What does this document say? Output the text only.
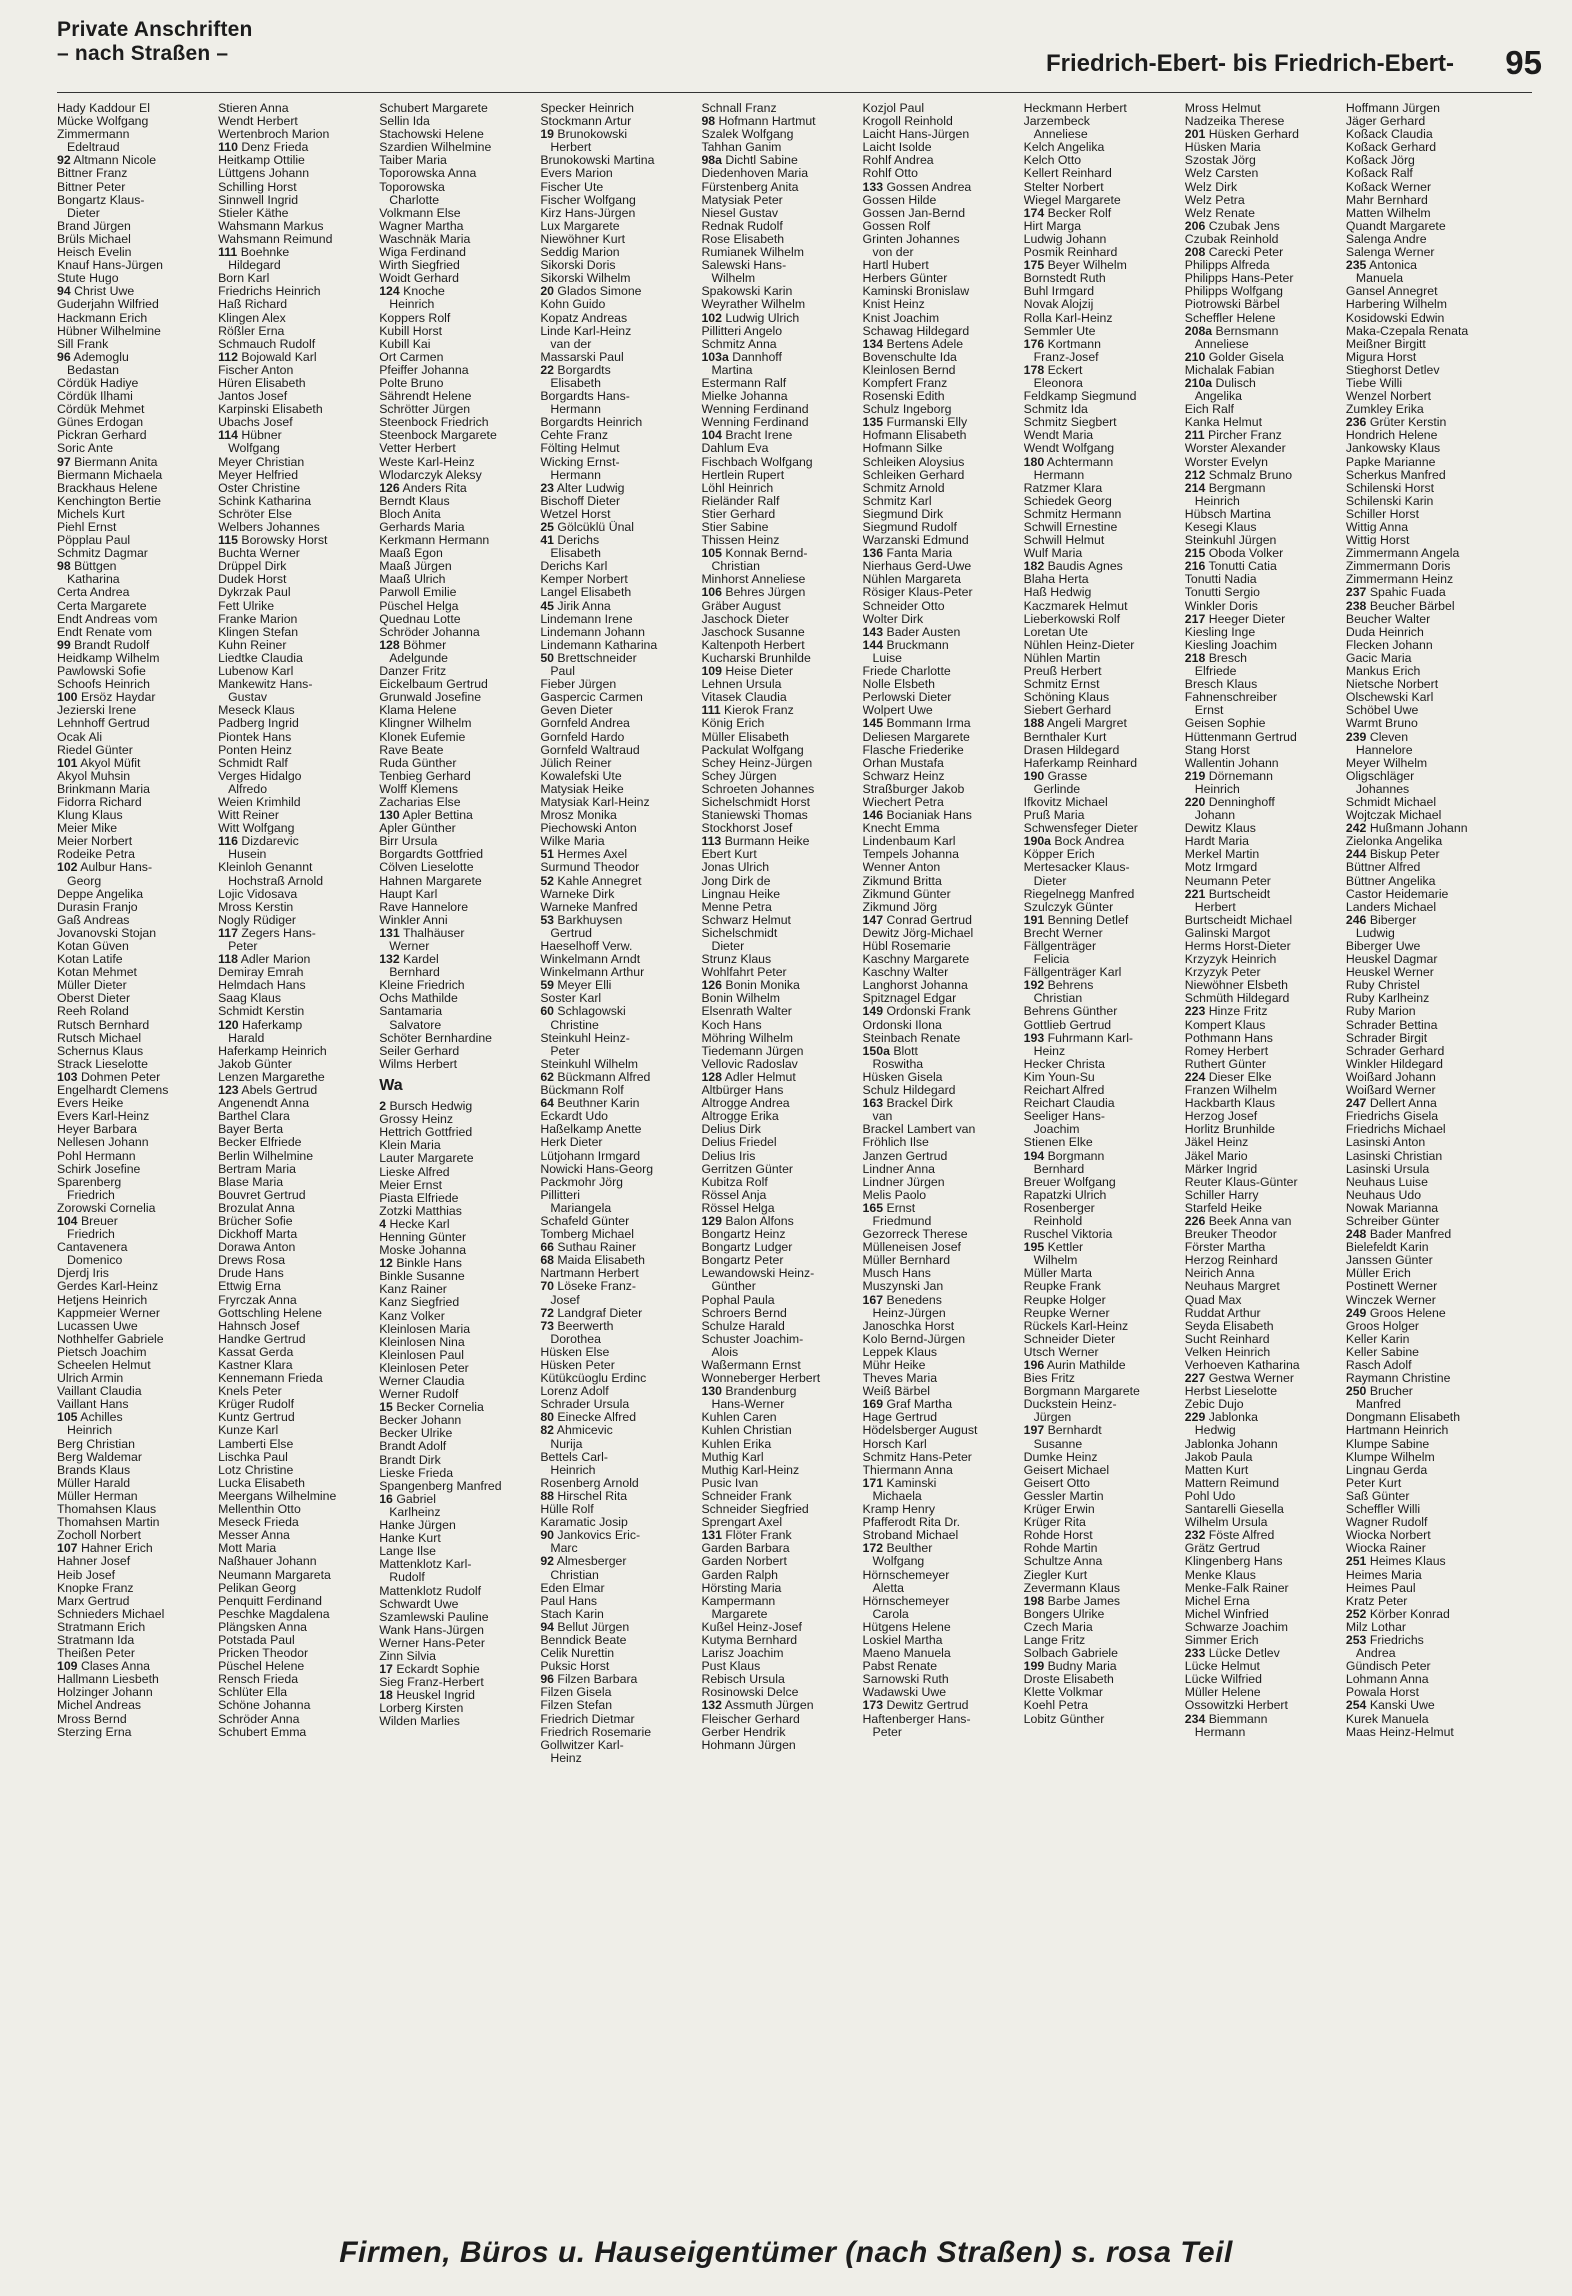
Private Anschriften
– nach Straßen –	Friedrich-Ebert- bis Friedrich-Ebert- 95
Hady Kaddour El
Mücke Wolfgang
Zimmermann
Edeltraud
92 Altmann Nicole
Bittner Franz
Bittner Peter
Bongartz Klaus-
Dieter
Brand Jürgen
Brüls Michael
Heisch Evelin
Knauf Hans-Jürgen
Stute Hugo
94 Christ Uwe
Guderjahn Wilfried
Hackmann Erich
Hübner Wilhelmine
Sill Frank
96 Ademoglu
Bedastan
Cördük Hadiye
Cördük Ilhami
Cördük Mehmet
Günes Erdogan
Pickran Gerhard
Soric Ante
97 Biermann Anita
Biermann Michaela
Brackhaus Helene
Kenchington Bertie
Michels Kurt
Piehl Ernst
Pöpplau Paul
Schmitz Dagmar
98 Büttgen
Katharina
Certa Andrea
Certa Margarete
Endt Andreas vom
Endt Renate vom
99 Brandt Rudolf
Heidkamp Wilhelm
Pawlowski Sofie
Schoofs Heinrich
100 Ersöz Haydar
Jezierski Irene
Lehnhoff Gertrud
Ocak Ali
Riedel Günter
101 Akyol Müfit
Akyol Muhsin
Brinkmann Maria
Fidorra Richard
Klung Klaus
Meier Mike
Meier Norbert
Rodeike Petra
102 Aulbur Hans-
Georg
Deppe Angelika
Durasin Franjo
Gaß Andreas
Jovanovski Stojan
Kotan Güven
Kotan Latife
Kotan Mehmet
Müller Dieter
Oberst Dieter
Reeh Roland
Rutsch Bernhard
Rutsch Michael
Schernus Klaus
Strack Lieselotte
103 Dohmen Peter
Engelhardt Clemens
Evers Heike
Evers Karl-Heinz
Heyer Barbara
Nellesen Johann
Pohl Hermann
Schirk Josefine
Sparenberg
Friedrich
Zorowski Cornelia
104 Breuer
Friedrich
Cantavenera
Domenico
Djerdj Iris
Gerdes Karl-Heinz
Hetjens Heinrich
Kappmeier Werner
Lucassen Uwe
Nothhelfer Gabriele
Pietsch Joachim
Scheelen Helmut
Ulrich Armin
Vaillant Claudia
Vaillant Hans
105 Achilles
Heinrich
Berg Christian
Berg Waldemar
Brands Klaus
Müller Harald
Müller Herman
Thomahsen Klaus
Thomahsen Martin
Zocholl Norbert
107 Hahner Erich
Hahner Josef
Heib Josef
Knopke Franz
Marx Gertrud
Schnieders Michael
Stratmann Erich
Stratmann Ida
Theißen Peter
109 Clases Anna
Hallmann Liesbeth
Holzinger Johann
Michel Andreas
Mross Bernd
Sterzing Erna
Stieren Anna
Wendt Herbert
Wertenbroch Marion
110 Denz Frieda
Heitkamp Ottilie
Lüttgens Johann
Schilling Horst
Sinnwell Ingrid
Stieler Käthe
Wahsmann Markus
Wahsmann Reimund
111 Boehnke
Hildegard
Born Karl
Friedrichs Heinrich
Haß Richard
Klingen Alex
Rößler Erna
Schmauch Rudolf
112 Bojowald Karl
Fischer Anton
Hüren Elisabeth
Jantos Josef
Karpinski Elisabeth
Ubachs Josef
114 Hübner
Wolfgang
Meyer Christian
Meyer Helfried
Oster Christine
Schink Katharina
Schröter Else
Welbers Johannes
115 Borowsky Horst
Buchta Werner
Drüppel Dirk
Dudek Horst
Dykrzak Paul
Fett Ulrike
Franke Marion
Klingen Stefan
Kuhn Reiner
Liedtke Claudia
Lubenow Karl
Mankewitz Hans-
Gustav
Meseck Klaus
Padberg Ingrid
Piontek Hans
Ponten Heinz
Schmidt Ralf
Verges Hidalgo
Alfredo
Weien Krimhild
Witt Reiner
Witt Wolfgang
116 Dizdarevic
Husein
Kleinloh Genannt
Hochstraß Arnold
Lojic Vidosava
Mross Kerstin
Nogly Rüdiger
117 Zegers Hans-
Peter
118 Adler Marion
Demiray Emrah
Helmdach Hans
Saag Klaus
Schmidt Kerstin
120 Haferkamp
Harald
Haferkamp Heinrich
Jakob Günter
Lenzen Margarethe
123 Abels Gertrud
Angenendt Anna
Barthel Clara
Bayer Berta
Becker Elfriede
Berlin Wilhelmine
Bertram Maria
Blase Maria
Bouvret Gertrud
Brozulat Anna
Brücher Sofie
Dickhoff Marta
Dorawa Anton
Drews Rosa
Drude Hans
Ettwig Erna
Fryrczak Anna
Gottschling Helene
Hahnsch Josef
Handke Gertrud
Kassat Gerda
Kastner Klara
Kennemann Frieda
Knels Peter
Krüger Rudolf
Kuntz Gertrud
Kunze Karl
Lamberti Else
Lischka Paul
Lotz Christine
Lucka Elisabeth
Meergans Wilhelmine
Mellenthin Otto
Meseck Frieda
Messer Anna
Mott Maria
Naßhauer Johann
Neumann Margareta
Pelikan Georg
Penquitt Ferdinand
Peschke Magdalena
Plängsken Anna
Potstada Paul
Pricken Theodor
Püschel Helene
Rensch Frieda
Schlüter Ella
Schöne Johanna
Schröder Anna
Schubert Emma
Schubert Margarete
Sellin Ida
Stachowski Helene
Szardien Wilhelmine
Taiber Maria
Toporowska Anna
Toporowska
Charlotte
Volkmann Else
Wagner Martha
Waschnäk Maria
Wiga Ferdinand
Wirth Siegfried
Woidt Gerhard
124 Knoche
Heinrich
Koppers Rolf
Kubill Horst
Kubill Kai
Ort Carmen
Pfeiffer Johanna
Polte Bruno
Sährendt Helene
Schrötter Jürgen
Steenbock Friedrich
Steenbock Margarete
Vetter Herbert
Weste Karl-Heinz
Wlodarczyk Aleksy
126 Anders Rita
Berndt Klaus
Bloch Anita
Gerhards Maria
Kerkmann Hermann
Maaß Egon
Maaß Jürgen
Maaß Ulrich
Parwoll Emilie
Püschel Helga
Quednau Lotte
Schröder Johanna
128 Böhmer
Adelgunde
Danzer Fritz
Eickelbaum Gertrud
Grunwald Josefine
Klama Helene
Klingner Wilhelm
Klonek Eufemie
Rave Beate
Ruda Günther
Tenbieg Gerhard
Wolff Klemens
Zacharias Else
130 Apler Bettina
Apler Günther
Birr Ursula
Borgardts Gottfried
Cölven Lieselotte
Hahnen Margarete
Haupt Karl
Rave Hannelore
Winkler Anni
131 Thalhäuser
Werner
132 Kardel
Bernhard
Kleine Friedrich
Ochs Mathilde
Santamaria
Salvatore
Schöter Bernhardine
Seiler Gerhard
Wilms Herbert
Wa
2 Bursch Hedwig
Grossy Heinz
Hettrich Gottfried
Klein Maria
Lauter Margarete
Lieske Alfred
Meier Ernst
Piasta Elfriede
Zotzki Matthias
4 Hecke Karl
Henning Günter
Moske Johanna
12 Binkle Hans
Binkle Susanne
Kanz Rainer
Kanz Siegfried
Kanz Volker
Kleinlosen Maria
Kleinlosen Nina
Kleinlosen Paul
Kleinlosen Peter
Werner Claudia
Werner Rudolf
15 Becker Cornelia
Becker Johann
Becker Ulrike
Brandt Adolf
Brandt Dirk
Lieske Frieda
Spangenberg Manfred
16 Gabriel
Karlheinz
Hanke Jürgen
Hanke Kurt
Lange Ilse
Mattenklotz Karl-
Rudolf
Mattenklotz Rudolf
Schwardt Uwe
Szamlewski Pauline
Wank Hans-Jürgen
Werner Hans-Peter
Zinn Silvia
17 Eckardt Sophie
Sieg Franz-Herbert
18 Heuskel Ingrid
Lorberg Kirsten
Wilden Marlies
Specker Heinrich
Stockmann Artur
19 Brunokowski
Herbert
Brunokowski Martina
Evers Marion
Fischer Ute
Fischer Wolfgang
Kirz Hans-Jürgen
Lux Margarete
Niewöhner Kurt
Seddig Marion
Sikorski Doris
Sikorski Wilhelm
20 Glados Simone
Kohn Guido
Kopatz Andreas
Linde Karl-Heinz
van der
Massarski Paul
22 Borgardts
Elisabeth
Borgardts Hans-
Hermann
Borgardts Heinrich
Cehte Franz
Fölting Helmut
Wicking Ernst-
Hermann
23 Alter Ludwig
Bischoff Dieter
Wetzel Horst
25 Gölcüklü Ünal
41 Derichs
Elisabeth
Derichs Karl
Kemper Norbert
Langel Elisabeth
45 Jirik Anna
Lindemann Irene
Lindemann Johann
Lindemann Katharina
50 Brettschneider
Paul
Fieber Jürgen
Gaspercic Carmen
Geven Dieter
Gornfeld Andrea
Gornfeld Hardo
Gornfeld Waltraud
Jülich Reiner
Kowalefski Ute
Matysiak Heike
Matysiak Karl-Heinz
Mrosz Monika
Piechowski Anton
Wilke Maria
51 Hermes Axel
Surmund Theodor
52 Kahle Annegret
Warneke Dirk
Warneke Manfred
53 Barkhuysen
Gertrud
Haeselhoff Verw.
Winkelmann Arndt
Winkelmann Arthur
59 Meyer Elli
Soster Karl
60 Schlagowski
Christine
Steinkuhl Heinz-
Peter
Steinkuhl Wilhelm
62 Bückmann Alfred
Bückmann Rolf
64 Beuthner Karin
Eckardt Udo
Haßelkamp Anette
Herk Dieter
Lütjohann Irmgard
Nowicki Hans-Georg
Packmohr Jörg
Pillitteri
Mariangela
Schafeld Günter
Tomberg Michael
66 Suthau Rainer
68 Maida Elisabeth
Nartmann Herbert
70 Löseke Franz-
Josef
72 Landgraf Dieter
73 Beerwerth
Dorothea
Hüsken Else
Hüsken Peter
Kütükcüoglu Erdinc
Lorenz Adolf
Schrader Ursula
80 Einecke Alfred
82 Ahmicevic
Nurija
Bettels Carl-
Heinrich
Rosenberg Arnold
88 Hirschel Rita
Hülle Rolf
Karamatic Josip
90 Jankovics Eric-
Marc
92 Almesberger
Christian
Eden Elmar
Paul Hans
Stach Karin
94 Bellut Jürgen
Benndick Beate
Celik Nurettin
Puksic Horst
96 Filzen Barbara
Filzen Gisela
Filzen Stefan
Friedrich Dietmar
Friedrich Rosemarie
Gollwitzer Karl-
Heinz
Schnall Franz
98 Hofmann Hartmut
Szalek Wolfgang
Tahhan Ganim
98a Dichtl Sabine
Diedenhoven Maria
Fürstenberg Anita
Matysiak Peter
Niesel Gustav
Rednak Rudolf
Rose Elisabeth
Rumianek Wilhelm
Salewski Hans-
Wilhelm
Spakowski Karin
Weyrather Wilhelm
102 Ludwig Ulrich
Pillitteri Angelo
Schmitz Anna
103a Dannhoff
Martina
Estermann Ralf
Mielke Johanna
Wenning Ferdinand
Wenning Ferdinand
104 Bracht Irene
Dahlum Eva
Fischbach Wolfgang
Hertlein Rupert
Löhl Heinrich
Rieländer Ralf
Stier Gerhard
Stier Sabine
Thissen Heinz
105 Konnak Bernd-
Christian
Minhorst Anneliese
106 Behres Jürgen
Gräber August
Jaschock Dieter
Jaschock Susanne
Kaltenpoth Herbert
Kucharski Brunhilde
109 Heise Dieter
Lehnen Ursula
Vitasek Claudia
111 Kierok Franz
König Erich
Müller Elisabeth
Packulat Wolfgang
Schey Heinz-Jürgen
Schey Jürgen
Schroeten Johannes
Sichelschmidt Horst
Staniewski Thomas
Stockhorst Josef
113 Burmann Heike
Ebert Kurt
Jonas Ulrich
Jong Dirk de
Lingnau Heike
Menne Petra
Schwarz Helmut
Sichelschmidt
Dieter
Strunz Klaus
Wohlfahrt Peter
126 Bonin Monika
Bonin Wilhelm
Elsenrath Walter
Koch Hans
Möhring Wilhelm
Tiedemann Jürgen
Vellovic Radoslav
128 Adler Helmut
Altbürger Hans
Altrogge Andrea
Altrogge Erika
Delius Dirk
Delius Friedel
Delius Iris
Gerritzen Günter
Kubitza Rolf
Rössel Anja
Rössel Helga
129 Balon Alfons
Bongartz Heinz
Bongartz Ludger
Bongartz Peter
Lewandowski Heinz-
Günther
Pophal Paula
Schroers Bernd
Schulze Harald
Schuster Joachim-
Alois
Waßermann Ernst
Wonneberger Herbert
130 Brandenburg
Hans-Werner
Kuhlen Caren
Kuhlen Christian
Kuhlen Erika
Muthig Karl
Muthig Karl-Heinz
Pusic Ivan
Schneider Frank
Schneider Siegfried
Sprengart Axel
131 Flöter Frank
Garden Barbara
Garden Norbert
Garden Ralph
Hörsting Maria
Kampermann
Margarete
Kußel Heinz-Josef
Kutyma Bernhard
Larisz Joachim
Pust Klaus
Rebisch Ursula
Rosinowski Delce
132 Assmuth Jürgen
Fleischer Gerhard
Gerber Hendrik
Hohmann Jürgen
Kozjol Paul
Krogoll Reinhold
Laicht Hans-Jürgen
Laicht Isolde
Rohlf Andrea
Rohlf Otto
133 Gossen Andrea
Gossen Hilde
Gossen Jan-Bernd
Gossen Rolf
Grinten Johannes
von der
Hartl Hubert
Herbers Günter
Kaminski Bronislaw
Knist Heinz
Knist Joachim
Schawag Hildegard
134 Bertens Adele
Bovenschulte Ida
Kleinlosen Bernd
Kompfert Franz
Rosenski Edith
Schulz Ingeborg
135 Furmanski Elly
Hofmann Elisabeth
Hofmann Silke
Schleiken Aloysius
Schleiken Gerhard
Schmitz Arnold
Schmitz Karl
Siegmund Dirk
Siegmund Rudolf
Warzanski Edmund
136 Fanta Maria
Nierhaus Gerd-Uwe
Nühlen Margareta
Rösiger Klaus-Peter
Schneider Otto
Wolter Dirk
143 Bader Austen
144 Bruckmann
Luise
Friede Charlotte
Nolle Elsbeth
Perlowski Dieter
Wolpert Uwe
145 Bommann Irma
Deliesen Margarete
Flasche Friederike
Orhan Mustafa
Schwarz Heinz
Straßburger Jakob
Wiechert Petra
146 Bocianiak Hans
Knecht Emma
Lindenbaum Karl
Tempels Johanna
Wenner Anton
Zikmund Britta
Zikmund Günter
Zikmund Jörg
147 Conrad Gertrud
Dewitz Jörg-Michael
Hübl Rosemarie
Kaschny Margarete
Kaschny Walter
Langhorst Johanna
Spitznagel Edgar
149 Ordonski Frank
Ordonski Ilona
Steinbach Renate
150a Blott
Roswitha
Hüsken Gisela
Schulz Hildegard
163 Brackel Dirk
van
Brackel Lambert van
Fröhlich Ilse
Janzen Gertrud
Lindner Anna
Lindner Jürgen
Melis Paolo
165 Ernst
Friedmund
Gezorreck Therese
Mülleneisen Josef
Müller Bernhard
Musch Hans
Muszynski Jan
167 Benedens
Heinz-Jürgen
Janoschka Horst
Kolo Bernd-Jürgen
Leppek Klaus
Mühr Heike
Theves Maria
Weiß Bärbel
169 Graf Martha
Hage Gertrud
Hödelsberger August
Horsch Karl
Schmitz Hans-Peter
Thiermann Anna
171 Kaminski
Michaela
Kramp Henry
Pfafferodt Rita Dr.
Stroband Michael
172 Beulther
Wolfgang
Hörnschemeyer
Aletta
Hörnschemeyer
Carola
Hütgens Helene
Loskiel Martha
Maeno Manuela
Pabst Renate
Sarnowski Ruth
Wadawski Uwe
173 Dewitz Gertrud
Haftenberger Hans-
Peter
Heckmann Herbert
Jarzembeck
Anneliese
Kelch Angelika
Kelch Otto
Kellert Reinhard
Stelter Norbert
Wiegel Margarete
174 Becker Rolf
Hirt Marga
Ludwig Johann
Posmik Reinhard
175 Beyer Wilhelm
Bornstedt Ruth
Buhl Irmgard
Novak Alojzij
Rolla Karl-Heinz
Semmler Ute
176 Kortmann
Franz-Josef
178 Eckert
Eleonora
Feldkamp Siegmund
Schmitz Ida
Schmitz Siegbert
Wendt Maria
Wendt Wolfgang
180 Achtermann
Hermann
Ratzmer Klara
Schiedek Georg
Schmitz Hermann
Schwill Ernestine
Schwill Helmut
Wulf Maria
182 Baudis Agnes
Blaha Herta
Haß Hedwig
Kaczmarek Helmut
Lieberkowski Rolf
Loretan Ute
Nühlen Heinz-Dieter
Nühlen Martin
Preuß Herbert
Schmitz Ernst
Schöning Klaus
Siebert Gerhard
188 Angeli Margret
Bernthaler Kurt
Drasen Hildegard
Haferkamp Reinhard
190 Grasse
Gerlinde
Ifkovitz Michael
Pruß Maria
Schwensfeger Dieter
190a Bock Andrea
Köpper Erich
Mertesacker Klaus-
Dieter
Riegelnegg Manfred
Szulczyk Günter
191 Benning Detlef
Brecht Werner
Fällgenträger
Felicia
Fällgenträger Karl
192 Behrens
Christian
Behrens Günther
Gottlieb Gertrud
193 Fuhrmann Karl-
Heinz
Hecker Christa
Kim Youn-Su
Reichart Alfred
Reichart Claudia
Seeliger Hans-
Joachim
Stienen Elke
194 Borgmann
Bernhard
Breuer Wolfgang
Rapatzki Ulrich
Rosenberger
Reinhold
Ruschel Viktoria
195 Kettler
Wilhelm
Müller Marta
Reupke Frank
Reupke Holger
Reupke Werner
Rückels Karl-Heinz
Schneider Dieter
Utsch Werner
196 Aurin Mathilde
Bies Fritz
Borgmann Margarete
Duckstein Heinz-
Jürgen
197 Bernhardt
Susanne
Dumke Heinz
Geisert Michael
Geisert Otto
Gessler Martin
Krüger Erwin
Krüger Rita
Rohde Horst
Rohde Martin
Schultze Anna
Ziegler Kurt
Zevermann Klaus
198 Barbe James
Bongers Ulrike
Czech Maria
Lange Fritz
Solbach Gabriele
199 Budny Maria
Droste Elisabeth
Klette Volkmar
Koehl Petra
Lobitz Günther
Mross Helmut
Nadzeika Therese
201 Hüsken Gerhard
Hüsken Maria
Szostak Jörg
Welz Carsten
Welz Dirk
Welz Petra
Welz Renate
206 Czubak Jens
Czubak Reinhold
208 Carecki Peter
Philipps Alfreda
Philipps Hans-Peter
Philipps Wolfgang
Piotrowski Bärbel
Scheffler Helene
208a Bernsmann
Anneliese
210 Golder Gisela
Michalak Fabian
210a Dulisch
Angelika
Eich Ralf
Kanka Helmut
211 Pircher Franz
Worster Alexander
Worster Evelyn
212 Schmalz Bruno
214 Bergmann
Heinrich
Hübsch Martina
Kesegi Klaus
Steinkuhl Jürgen
215 Oboda Volker
216 Tonutti Catia
Tonutti Nadia
Tonutti Sergio
Winkler Doris
217 Heeger Dieter
Kiesling Inge
Kiesling Joachim
218 Bresch
Elfriede
Bresch Klaus
Fahnenschreiber
Ernst
Geisen Sophie
Hüttenmann Gertrud
Stang Horst
Wallentin Johann
219 Dörnemann
Heinrich
220 Denninghoff
Johann
Dewitz Klaus
Hardt Maria
Merkel Martin
Motz Irmgard
Neumann Peter
221 Burtscheidt
Herbert
Burtscheidt Michael
Galinski Margot
Herms Horst-Dieter
Krzyzyk Heinrich
Krzyzyk Peter
Niewöhner Elsbeth
Schmüth Hildegard
223 Hinze Fritz
Kompert Klaus
Pothmann Hans
Romey Herbert
Ruthert Günter
224 Dieser Elke
Franzen Wilhelm
Hackbarth Klaus
Herzog Josef
Horlitz Brunhilde
Jäkel Heinz
Jäkel Mario
Märker Ingrid
Reuter Klaus-Günter
Schiller Harry
Starfeld Heike
226 Beek Anna van
Breuker Theodor
Förster Martha
Herzog Reinhard
Neirich Anna
Neuhaus Margret
Quad Max
Ruddat Arthur
Seyda Elisabeth
Sucht Reinhard
Velken Heinrich
Verhoeven Katharina
227 Gestwa Werner
Herbst Lieselotte
Zebic Dujo
229 Jablonka
Hedwig
Jablonka Johann
Jakob Paula
Matten Kurt
Mattern Reimund
Pohl Udo
Santarelli Giesella
Wilhelm Ursula
232 Föste Alfred
Grätz Gertrud
Klingenberg Hans
Menke Klaus
Menke-Falk Rainer
Michel Erna
Michel Winfried
Schwarze Joachim
Simmer Erich
233 Lücke Detlev
Lücke Helmut
Lücke Wilfried
Müller Helene
Ossowitzki Herbert
234 Biemmann
Hermann
Hoffmann Jürgen
Jäger Gerhard
Koßack Claudia
Koßack Gerhard
Koßack Jörg
Koßack Ralf
Koßack Werner
Mahr Bernhard
Matten Wilhelm
Quandt Margarete
Salenga Andre
Salenga Werner
235 Antonica
Manuela
Gansel Annegret
Harbering Wilhelm
Kosidowski Edwin
Maka-Czepala Renata
Meißner Birgitt
Migura Horst
Stieghorst Detlev
Tiebe Willi
Wenzel Norbert
Zumkley Erika
236 Grüter Kerstin
Hondrich Helene
Jankowsky Klaus
Papke Marianne
Scherkus Manfred
Schilenski Horst
Schilenski Karin
Schiller Horst
Wittig Anna
Wittig Horst
Zimmermann Angela
Zimmermann Doris
Zimmermann Heinz
237 Spahic Fuada
238 Beucher Bärbel
Beucher Walter
Duda Heinrich
Flecken Johann
Gacic Maria
Mankus Erich
Nietsche Norbert
Olschewski Karl
Schöbel Uwe
Warmt Bruno
239 Cleven
Hannelore
Meyer Wilhelm
Oligschläger
Johannes
Schmidt Michael
Wojtczak Michael
242 Hußmann Johann
Zielonka Angelika
244 Biskup Peter
Büttner Alfred
Büttner Angelika
Castor Heidemarie
Landers Michael
246 Biberger
Ludwig
Biberger Uwe
Heuskel Dagmar
Heuskel Werner
Ruby Christel
Ruby Karlheinz
Ruby Marion
Schrader Bettina
Schrader Birgit
Schrader Gerhard
Winkler Hildegard
Woißard Johann
Woißard Werner
247 Dellert Anna
Friedrichs Gisela
Friedrichs Michael
Lasinski Anton
Lasinski Christian
Lasinski Ursula
Neuhaus Luise
Neuhaus Udo
Nowak Marianna
Schreiber Günter
248 Bader Manfred
Bielefeldt Karin
Janssen Günter
Müller Erich
Postinett Werner
Winczek Werner
249 Groos Helene
Groos Holger
Keller Karin
Keller Sabine
Rasch Adolf
Raymann Christine
250 Brucher
Manfred
Dongmann Elisabeth
Hartmann Heinrich
Klumpe Sabine
Klumpe Wilhelm
Lingnau Gerda
Peter Kurt
Saß Günter
Scheffler Willi
Wagner Rudolf
Wiocka Norbert
Wiocka Rainer
251 Heimes Klaus
Heimes Maria
Heimes Paul
Kratz Peter
252 Körber Konrad
Milz Lothar
253 Friedrichs
Andrea
Gündisch Peter
Lohmann Anna
Powala Horst
254 Kanski Uwe
Kurek Manuela
Maas Heinz-Helmut
Firmen, Büros u. Hauseigentümer (nach Straßen) s. rosa Teil
